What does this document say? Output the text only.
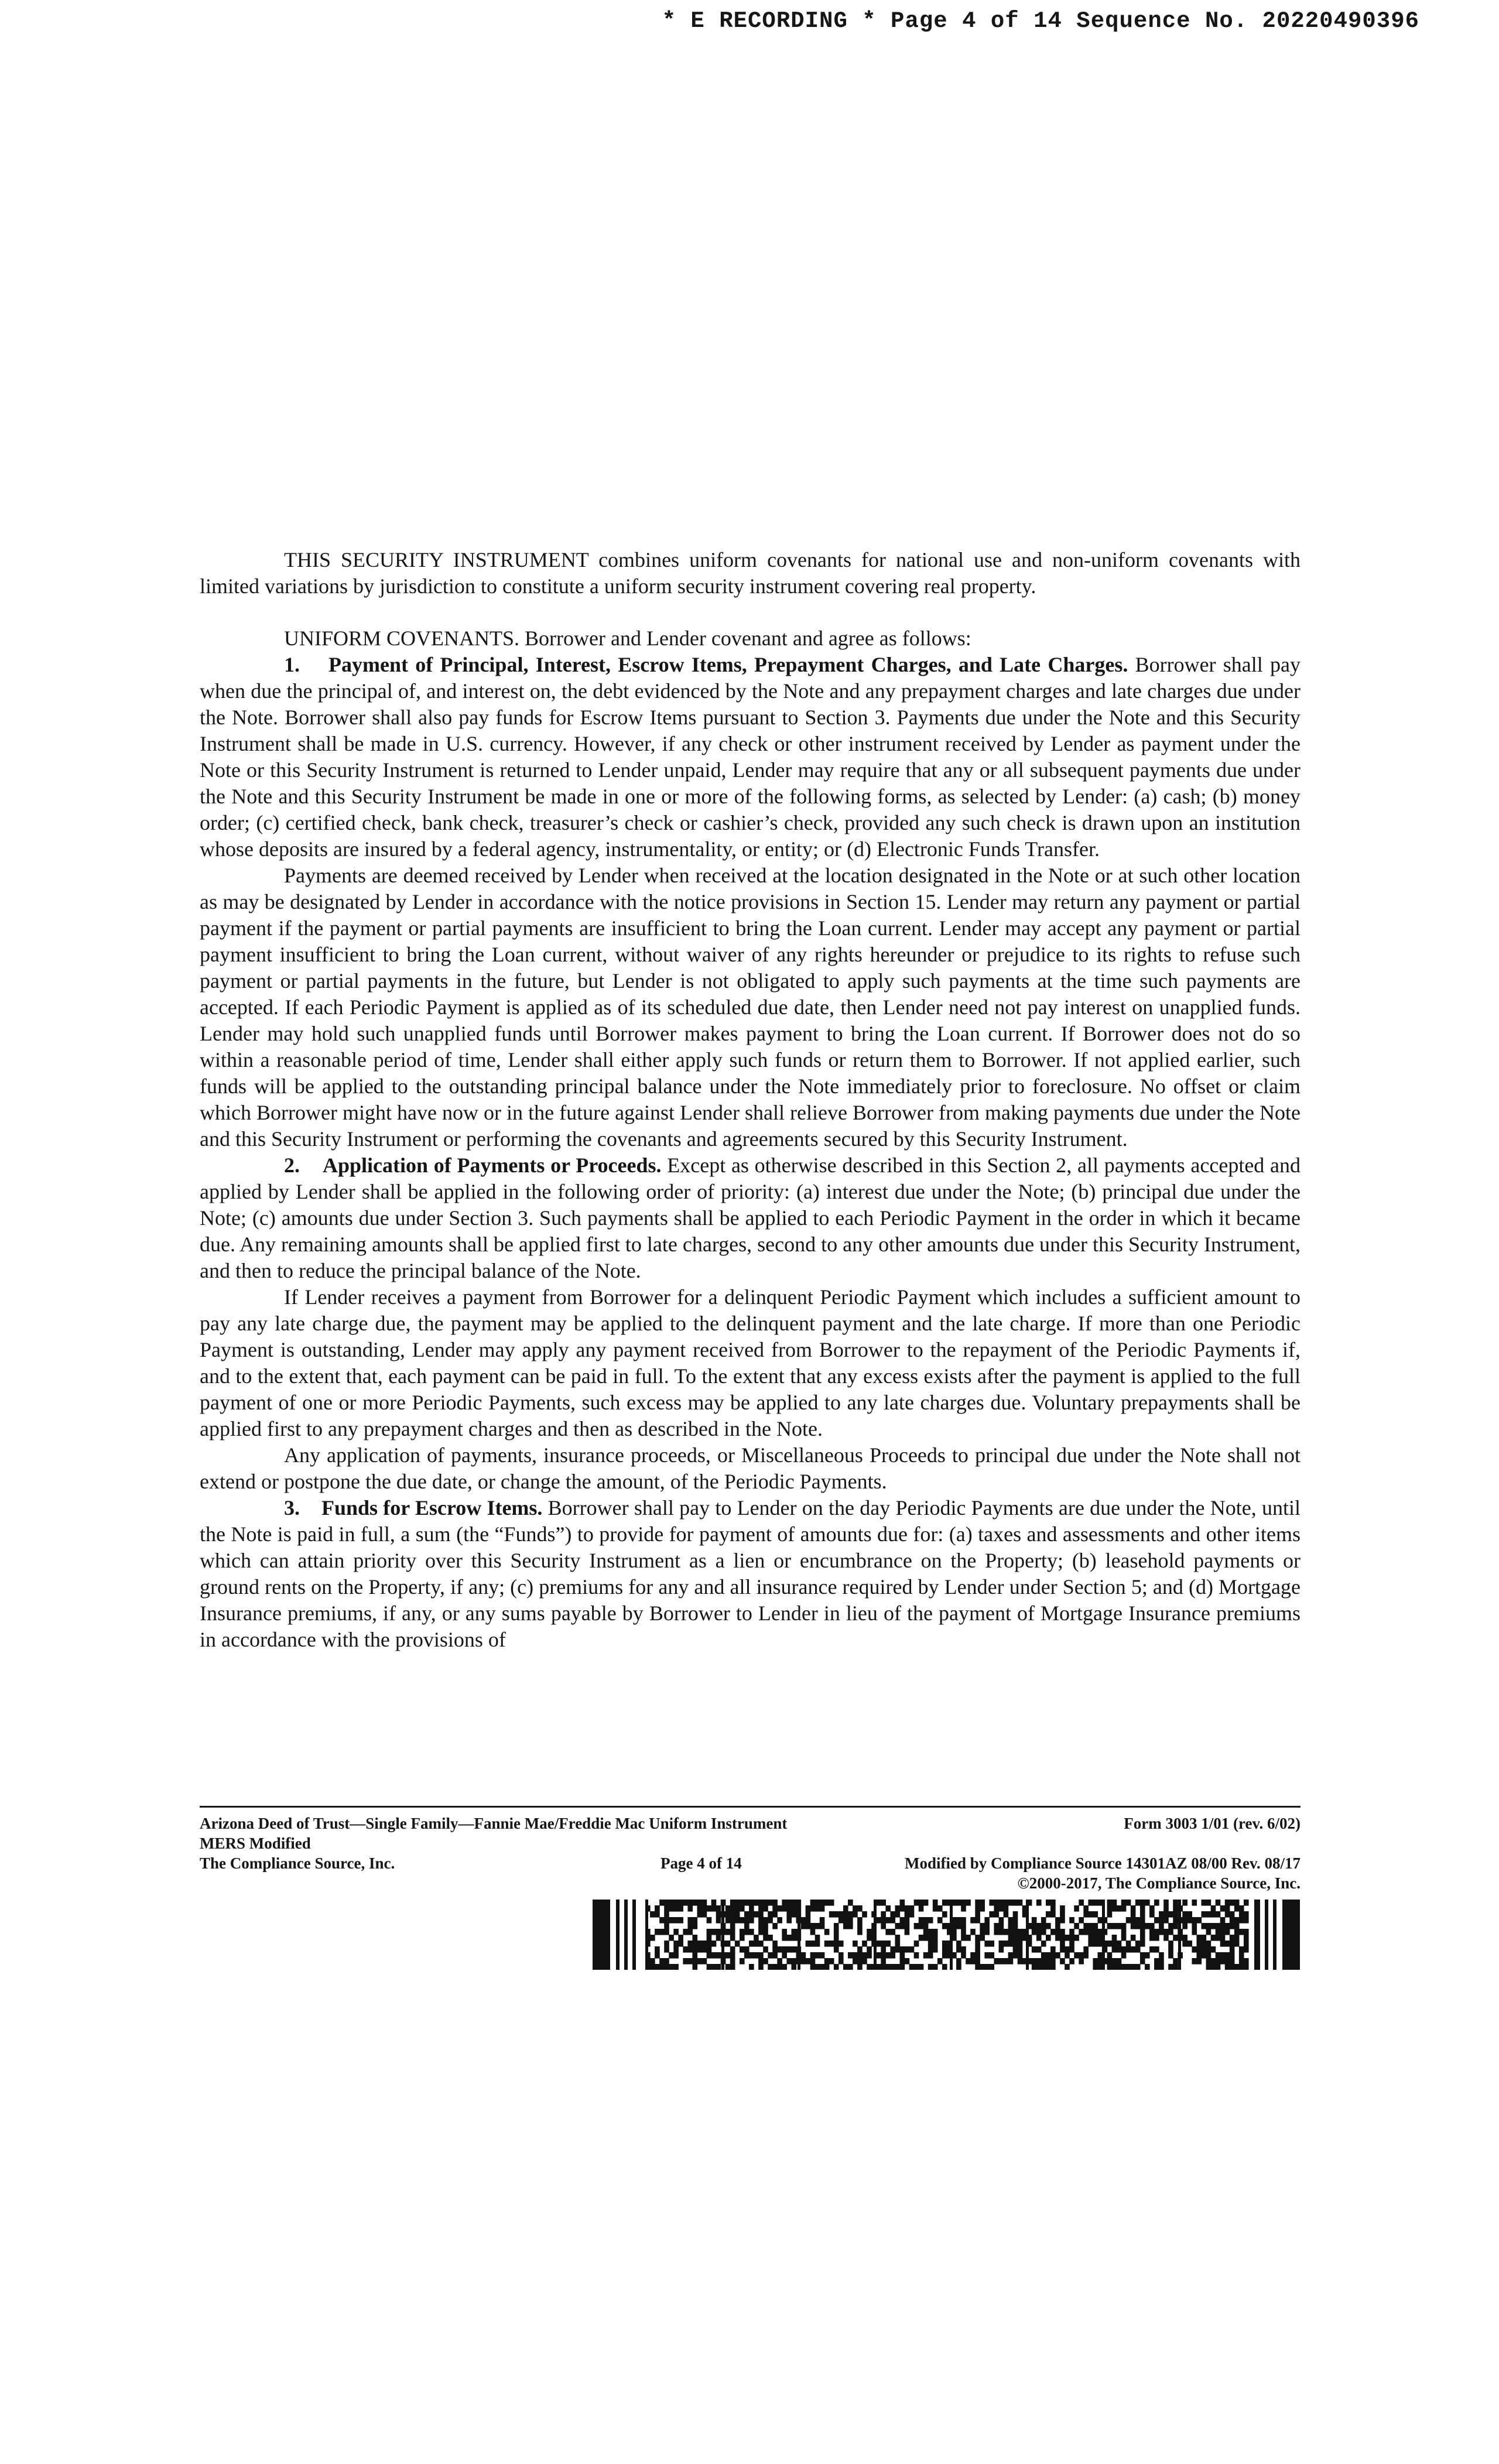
* E RECORDING * Page 4 of 14 Sequence No. 20220490396

THIS SECURITY INSTRUMENT combines uniform covenants for national use and non-uniform covenants with limited variations by jurisdiction to constitute a uniform security instrument covering real property.

UNIFORM COVENANTS. Borrower and Lender covenant and agree as follows:

1. Payment of Principal, Interest, Escrow Items, Prepayment Charges, and Late Charges. Borrower shall pay when due the principal of, and interest on, the debt evidenced by the Note and any prepayment charges and late charges due under the Note. Borrower shall also pay funds for Escrow Items pursuant to Section 3. Payments due under the Note and this Security Instrument shall be made in U.S. currency. However, if any check or other instrument received by Lender as payment under the Note or this Security Instrument is returned to Lender unpaid, Lender may require that any or all subsequent payments due under the Note and this Security Instrument be made in one or more of the following forms, as selected by Lender: (a) cash; (b) money order; (c) certified check, bank check, treasurer’s check or cashier’s check, provided any such check is drawn upon an institution whose deposits are insured by a federal agency, instrumentality, or entity; or (d) Electronic Funds Transfer.

Payments are deemed received by Lender when received at the location designated in the Note or at such other location as may be designated by Lender in accordance with the notice provisions in Section 15. Lender may return any payment or partial payment if the payment or partial payments are insufficient to bring the Loan current. Lender may accept any payment or partial payment insufficient to bring the Loan current, without waiver of any rights hereunder or prejudice to its rights to refuse such payment or partial payments in the future, but Lender is not obligated to apply such payments at the time such payments are accepted. If each Periodic Payment is applied as of its scheduled due date, then Lender need not pay interest on unapplied funds. Lender may hold such unapplied funds until Borrower makes payment to bring the Loan current. If Borrower does not do so within a reasonable period of time, Lender shall either apply such funds or return them to Borrower. If not applied earlier, such funds will be applied to the outstanding principal balance under the Note immediately prior to foreclosure. No offset or claim which Borrower might have now or in the future against Lender shall relieve Borrower from making payments due under the Note and this Security Instrument or performing the covenants and agreements secured by this Security Instrument.

2. Application of Payments or Proceeds. Except as otherwise described in this Section 2, all payments accepted and applied by Lender shall be applied in the following order of priority: (a) interest due under the Note; (b) principal due under the Note; (c) amounts due under Section 3. Such payments shall be applied to each Periodic Payment in the order in which it became due. Any remaining amounts shall be applied first to late charges, second to any other amounts due under this Security Instrument, and then to reduce the principal balance of the Note.

If Lender receives a payment from Borrower for a delinquent Periodic Payment which includes a sufficient amount to pay any late charge due, the payment may be applied to the delinquent payment and the late charge. If more than one Periodic Payment is outstanding, Lender may apply any payment received from Borrower to the repayment of the Periodic Payments if, and to the extent that, each payment can be paid in full. To the extent that any excess exists after the payment is applied to the full payment of one or more Periodic Payments, such excess may be applied to any late charges due. Voluntary prepayments shall be applied first to any prepayment charges and then as described in the Note.

Any application of payments, insurance proceeds, or Miscellaneous Proceeds to principal due under the Note shall not extend or postpone the due date, or change the amount, of the Periodic Payments.

3. Funds for Escrow Items. Borrower shall pay to Lender on the day Periodic Payments are due under the Note, until the Note is paid in full, a sum (the “Funds”) to provide for payment of amounts due for: (a) taxes and assessments and other items which can attain priority over this Security Instrument as a lien or encumbrance on the Property; (b) leasehold payments or ground rents on the Property, if any; (c) premiums for any and all insurance required by Lender under Section 5; and (d) Mortgage Insurance premiums, if any, or any sums payable by Borrower to Lender in lieu of the payment of Mortgage Insurance premiums in accordance with the provisions of

Arizona Deed of Trust—Single Family—Fannie Mae/Freddie Mac Uniform Instrument	Form 3003 1/01 (rev. 6/02)
MERS Modified
The Compliance Source, Inc.	Page 4 of 14	Modified by Compliance Source 14301AZ 08/00 Rev. 08/17
©2000-2017, The Compliance Source, Inc.
